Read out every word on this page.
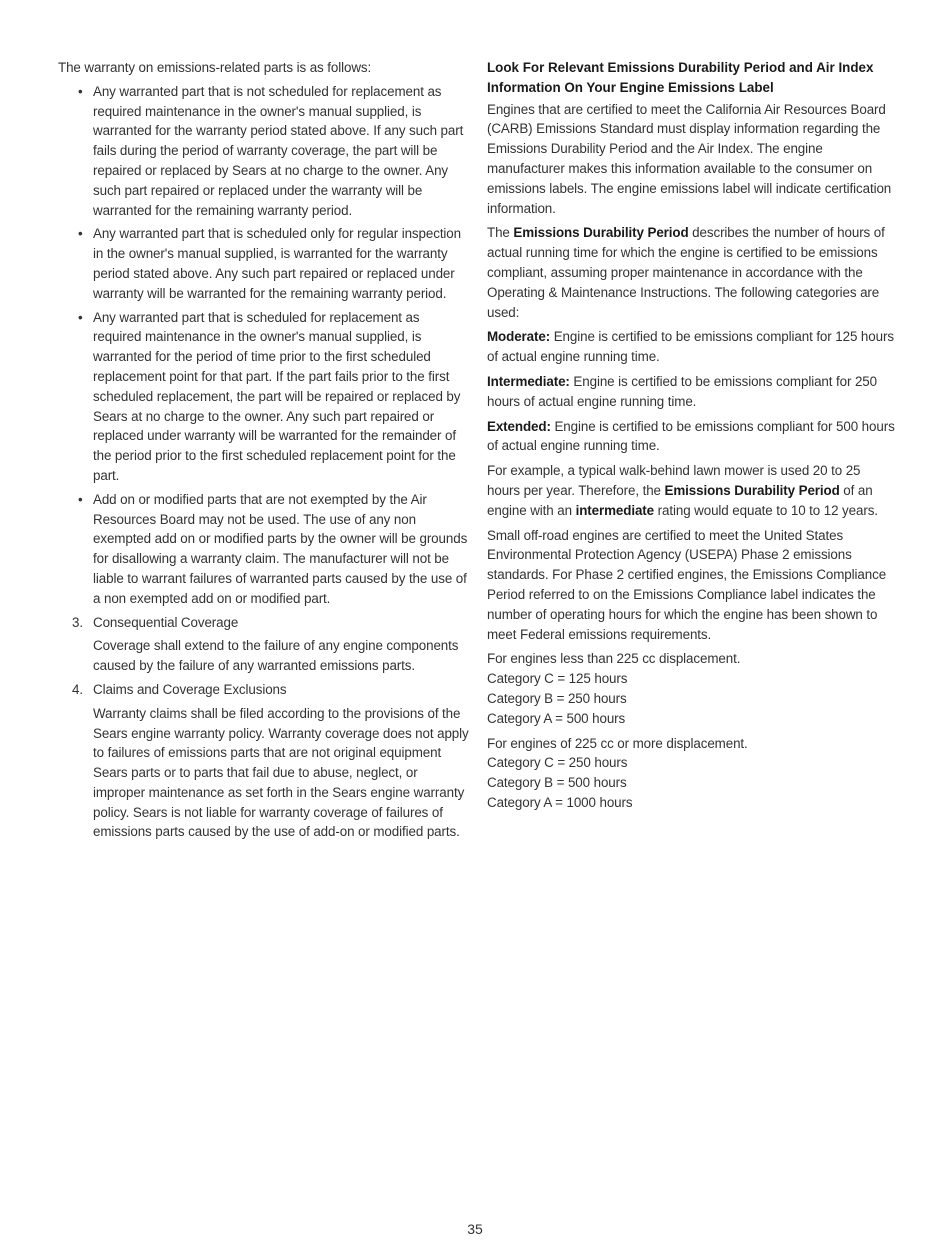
The warranty on emissions-related parts is as follows:

• Any warranted part that is not scheduled for replacement as required maintenance in the owner's manual supplied, is warranted for the warranty period stated above. If any such part fails during the period of warranty coverage, the part will be repaired or replaced by Sears at no charge to the owner. Any such part repaired or replaced under the warranty will be warranted for the remaining warranty period.
• Any warranted part that is scheduled only for regular inspection in the owner's manual supplied, is warranted for the warranty period stated above. Any such part repaired or replaced under warranty will be warranted for the remaining warranty period.
• Any warranted part that is scheduled for replacement as required maintenance in the owner's manual supplied, is warranted for the period of time prior to the first scheduled replacement point for that part. If the part fails prior to the first scheduled replacement, the part will be repaired or replaced by Sears at no charge to the owner. Any such part repaired or replaced under warranty will be warranted for the remainder of the period prior to the first scheduled replacement point for the part.
• Add on or modified parts that are not exempted by the Air Resources Board may not be used. The use of any non exempted add on or modified parts by the owner will be grounds for disallowing a warranty claim. The manufacturer will not be liable to warrant failures of warranted parts caused by the use of a non exempted add on or modified part.
3. Consequential Coverage

Coverage shall extend to the failure of any engine components caused by the failure of any warranted emissions parts.

4. Claims and Coverage Exclusions

Warranty claims shall be filed according to the provisions of the Sears engine warranty policy. Warranty coverage does not apply to failures of emissions parts that are not original equipment Sears parts or to parts that fail due to abuse, neglect, or improper maintenance as set forth in the Sears engine warranty policy. Sears is not liable for warranty coverage of failures of emissions parts caused by the use of add-on or modified parts.

Look For Relevant Emissions Durability Period and Air Index Information On Your Engine Emissions Label

Engines that are certified to meet the California Air Resources Board (CARB) Emissions Standard must display information regarding the Emissions Durability Period and the Air Index. The engine manufacturer makes this information available to the consumer on emissions labels. The engine emissions label will indicate certification information.

The Emissions Durability Period describes the number of hours of actual running time for which the engine is certified to be emissions compliant, assuming proper maintenance in accordance with the Operating & Maintenance Instructions. The following categories are used:

Moderate: Engine is certified to be emissions compliant for 125 hours of actual engine running time.

Intermediate: Engine is certified to be emissions compliant for 250 hours of actual engine running time.

Extended: Engine is certified to be emissions compliant for 500 hours of actual engine running time.

For example, a typical walk-behind lawn mower is used 20 to 25 hours per year. Therefore, the Emissions Durability Period of an engine with an intermediate rating would equate to 10 to 12 years.

Small off-road engines are certified to meet the United States Environmental Protection Agency (USEPA) Phase 2 emissions standards. For Phase 2 certified engines, the Emissions Compliance Period referred to on the Emissions Compliance label indicates the number of operating hours for which the engine has been shown to meet Federal emissions requirements.

For engines less than 225 cc displacement.
Category C = 125 hours
Category B = 250 hours
Category A = 500 hours
For engines of 225 cc or more displacement.
Category C = 250 hours
Category B = 500 hours
Category A = 1000 hours
35
